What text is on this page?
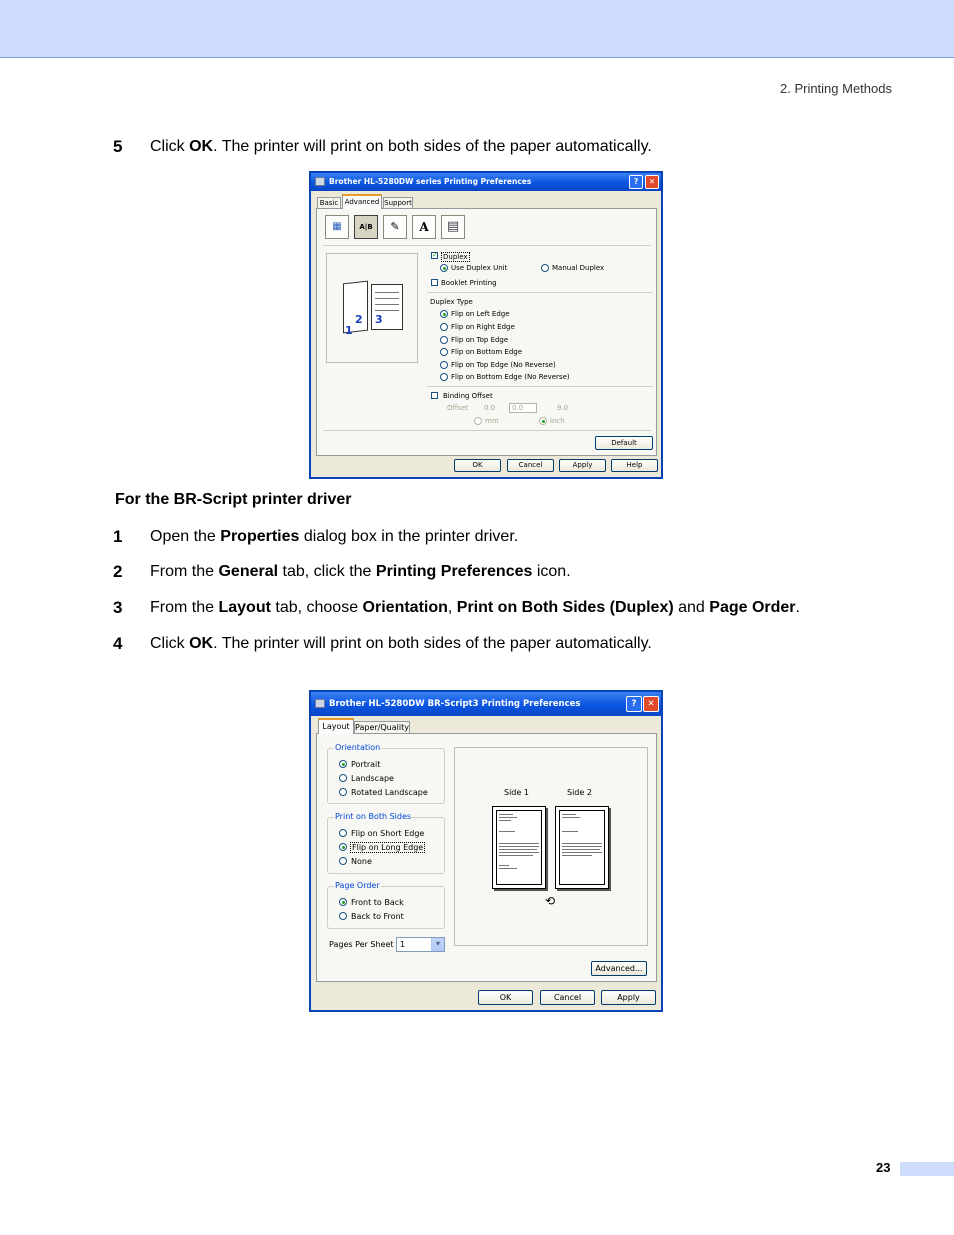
2. Printing Methods
5 Click OK. The printer will print on both sides of the paper automatically.
Brother HL-5280DW series Printing Preferences	?	✕
Basic Advanced Support
▦	A|B	✎	A	▤
1
2 3
✓ Duplex
Use Duplex Unit	Manual Duplex
Booklet Printing
Duplex Type
Flip on Left Edge
Flip on Right Edge
Flip on Top Edge
Flip on Bottom Edge
Flip on Top Edge (No Reverse)
Flip on Bottom Edge (No Reverse)
Binding Offset
Offset 0.0	0.0	9.0
mm	inch
Default
OK	Cancel	Apply	Help
For the BR-Script printer driver
1 Open the Properties dialog box in the printer driver.
2 From the General tab, click the Printing Preferences icon.
3 From the Layout tab, choose Orientation, Print on Both Sides (Duplex) and Page Order.
4 Click OK. The printer will print on both sides of the paper automatically.
Brother HL-5280DW BR-Script3 Printing Preferences	?	✕
Layout Paper/Quality
Orientation
Portrait
Landscape
Rotated Landscape
Print on Both Sides
Flip on Short Edge
Flip on Long Edge
None
Page Order
Front to Back
Back to Front
Pages Per Sheet 1	▾
Side 1	Side 2
⟲
Advanced...
OK	Cancel	Apply
23
